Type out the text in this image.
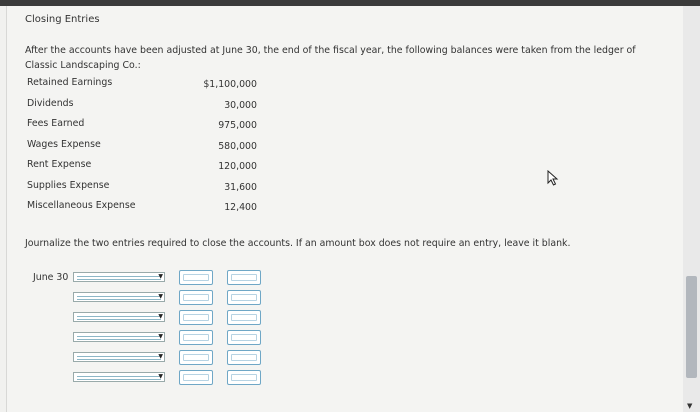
Closing Entries
After the accounts have been adjusted at June 30, the end of the fiscal year, the following balances were taken from the ledger of Classic Landscaping Co.:
Retained Earnings	$1,100,000
Dividends	30,000
Fees Earned	975,000
Wages Expense	580,000
Rent Expense	120,000
Supplies Expense	31,600
Miscellaneous Expense	12,400
Journalize the two entries required to close the accounts. If an amount box does not require an entry, leave it blank.
June 30	▼
▼
▼
▼
▼
▼
▼
